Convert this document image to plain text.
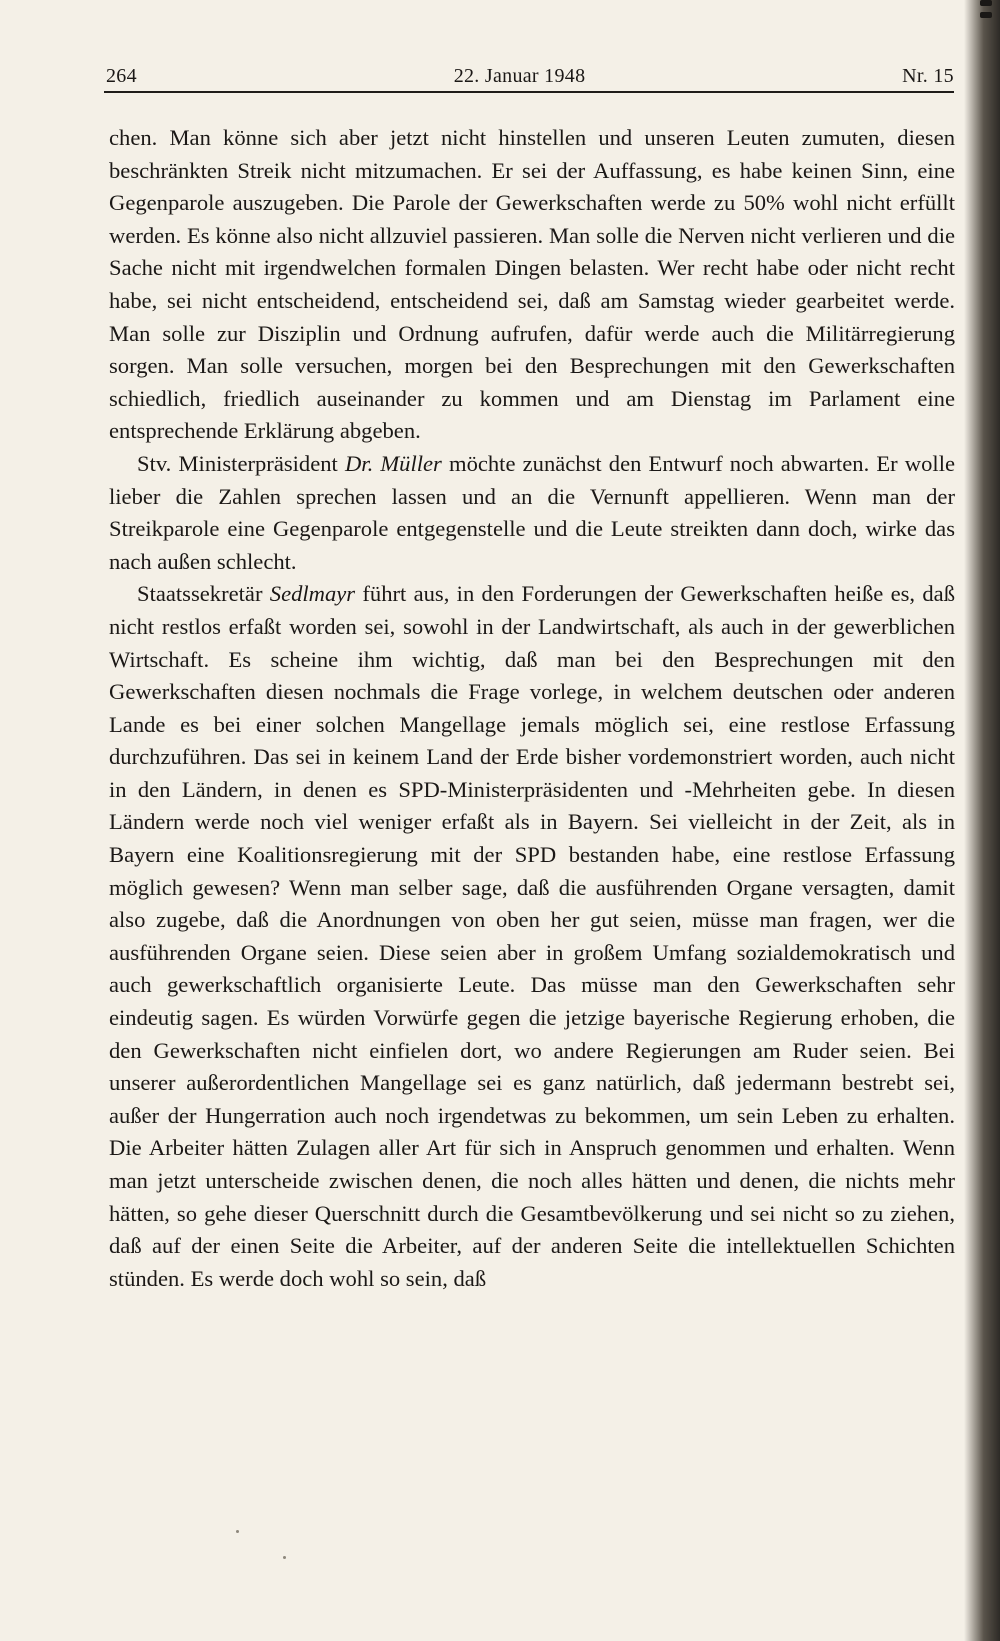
264	22. Januar 1948	Nr. 15

chen. Man könne sich aber jetzt nicht hinstellen und unseren Leuten zumuten, diesen beschränkten Streik nicht mitzumachen. Er sei der Auffassung, es habe keinen Sinn, eine Gegenparole auszugeben. Die Parole der Gewerkschaften werde zu 50% wohl nicht erfüllt werden. Es könne also nicht allzuviel passieren. Man solle die Nerven nicht verlieren und die Sache nicht mit irgendwelchen formalen Dingen belasten. Wer recht habe oder nicht recht habe, sei nicht entscheidend, entscheidend sei, daß am Samstag wieder gearbeitet werde. Man solle zur Disziplin und Ordnung aufrufen, dafür werde auch die Militärregierung sorgen. Man solle versuchen, morgen bei den Besprechungen mit den Gewerkschaften schiedlich, friedlich auseinander zu kommen und am Dienstag im Parlament eine entsprechende Erklärung abgeben.

Stv. Ministerpräsident Dr. Müller möchte zunächst den Entwurf noch abwarten. Er wolle lieber die Zahlen sprechen lassen und an die Vernunft appellieren. Wenn man der Streikparole eine Gegenparole entgegenstelle und die Leute streikten dann doch, wirke das nach außen schlecht.

Staatssekretär Sedlmayr führt aus, in den Forderungen der Gewerkschaften heiße es, daß nicht restlos erfaßt worden sei, sowohl in der Landwirtschaft, als auch in der gewerblichen Wirtschaft. Es scheine ihm wichtig, daß man bei den Besprechungen mit den Gewerkschaften diesen nochmals die Frage vorlege, in welchem deutschen oder anderen Lande es bei einer solchen Mangellage jemals möglich sei, eine restlose Erfassung durchzuführen. Das sei in keinem Land der Erde bisher vordemonstriert worden, auch nicht in den Ländern, in denen es SPD-Ministerpräsidenten und -Mehrheiten gebe. In diesen Ländern werde noch viel weniger erfaßt als in Bayern. Sei vielleicht in der Zeit, als in Bayern eine Koalitionsregierung mit der SPD bestanden habe, eine restlose Erfassung möglich gewesen? Wenn man selber sage, daß die ausführenden Organe versagten, damit also zugebe, daß die Anordnungen von oben her gut seien, müsse man fragen, wer die ausführenden Organe seien. Diese seien aber in großem Umfang sozialdemokratisch und auch gewerkschaftlich organisierte Leute. Das müsse man den Gewerkschaften sehr eindeutig sagen. Es würden Vorwürfe gegen die jetzige bayerische Regierung erhoben, die den Gewerkschaften nicht einfielen dort, wo andere Regierungen am Ruder seien. Bei unserer außerordentlichen Mangellage sei es ganz natürlich, daß jedermann bestrebt sei, außer der Hungerration auch noch irgendetwas zu bekommen, um sein Leben zu erhalten. Die Arbeiter hätten Zulagen aller Art für sich in Anspruch genommen und erhalten. Wenn man jetzt unterscheide zwischen denen, die noch alles hätten und denen, die nichts mehr hätten, so gehe dieser Querschnitt durch die Gesamtbevölkerung und sei nicht so zu ziehen, daß auf der einen Seite die Arbeiter, auf der anderen Seite die intellektuellen Schichten stünden. Es werde doch wohl so sein, daß
